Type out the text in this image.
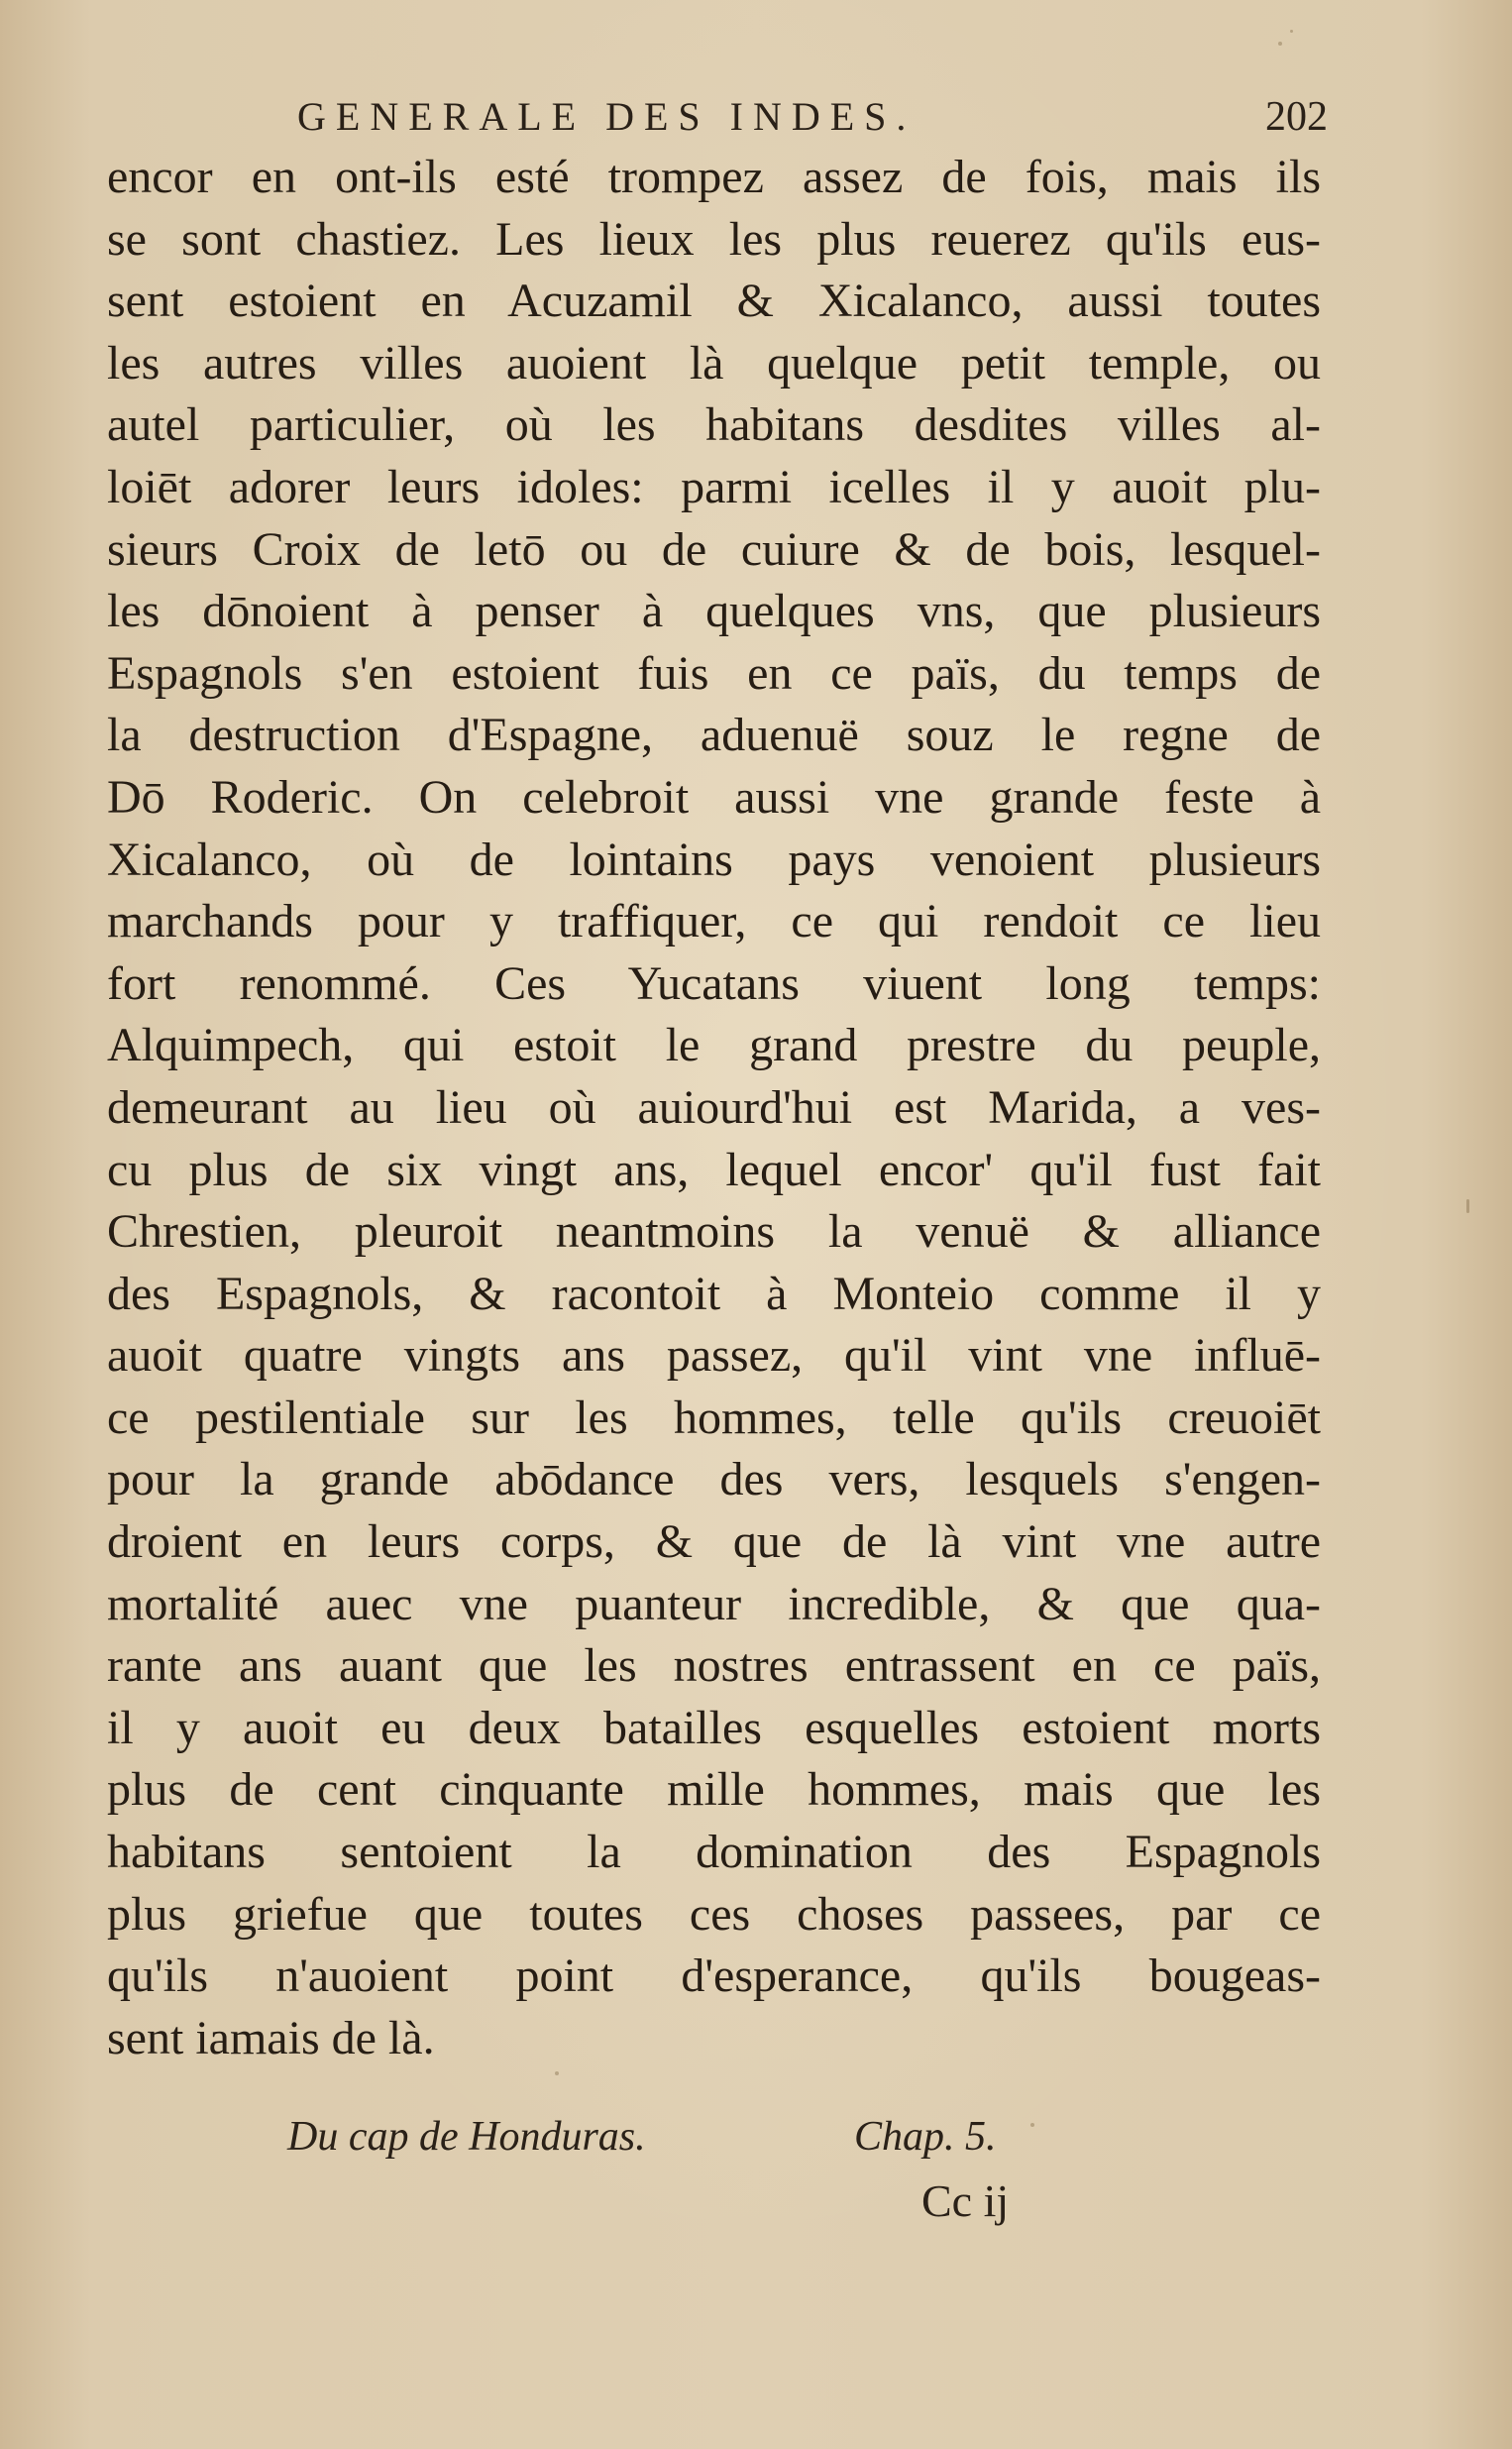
GENERALE DES INDES.	202
encor en ont-ils esté trompez assez de fois, mais ils
se sont chastiez. Les lieux les plus reuerez qu'ils eus-
sent estoient en Acuzamil & Xicalanco, aussi toutes
les autres villes auoient là quelque petit temple, ou
autel particulier, où les habitans desdites villes al-
loiēt adorer leurs idoles: parmi icelles il y auoit plu-
sieurs Croix de letō ou de cuiure & de bois, lesquel-
les dōnoient à penser à quelques vns, que plusieurs
Espagnols s'en estoient fuis en ce païs, du temps de
la destruction d'Espagne, aduenuë souz le regne de
Dō Roderic. On celebroit aussi vne grande feste à
Xicalanco, où de lointains pays venoient plusieurs
marchands pour y traffiquer, ce qui rendoit ce lieu
fort renommé. Ces Yucatans viuent long temps:
Alquimpech, qui estoit le grand prestre du peuple,
demeurant au lieu où auiourd'hui est Marida, a ves-
cu plus de six vingt ans, lequel encor' qu'il fust fait
Chrestien, pleuroit neantmoins la venuë & alliance
des Espagnols, & racontoit à Monteio comme il y
auoit quatre vingts ans passez, qu'il vint vne influē-
ce pestilentiale sur les hommes, telle qu'ils creuoiēt
pour la grande abōdance des vers, lesquels s'engen-
droient en leurs corps, & que de là vint vne autre
mortalité auec vne puanteur incredible, & que qua-
rante ans auant que les nostres entrassent en ce païs,
il y auoit eu deux batailles esquelles estoient morts
plus de cent cinquante mille hommes, mais que les
habitans sentoient la domination des Espagnols
plus griefue que toutes ces choses passees, par ce
qu'ils n'auoient point d'esperance, qu'ils bougeas-
sent iamais de là.
Du cap de Honduras.	Chap. 5.
Cc ij
